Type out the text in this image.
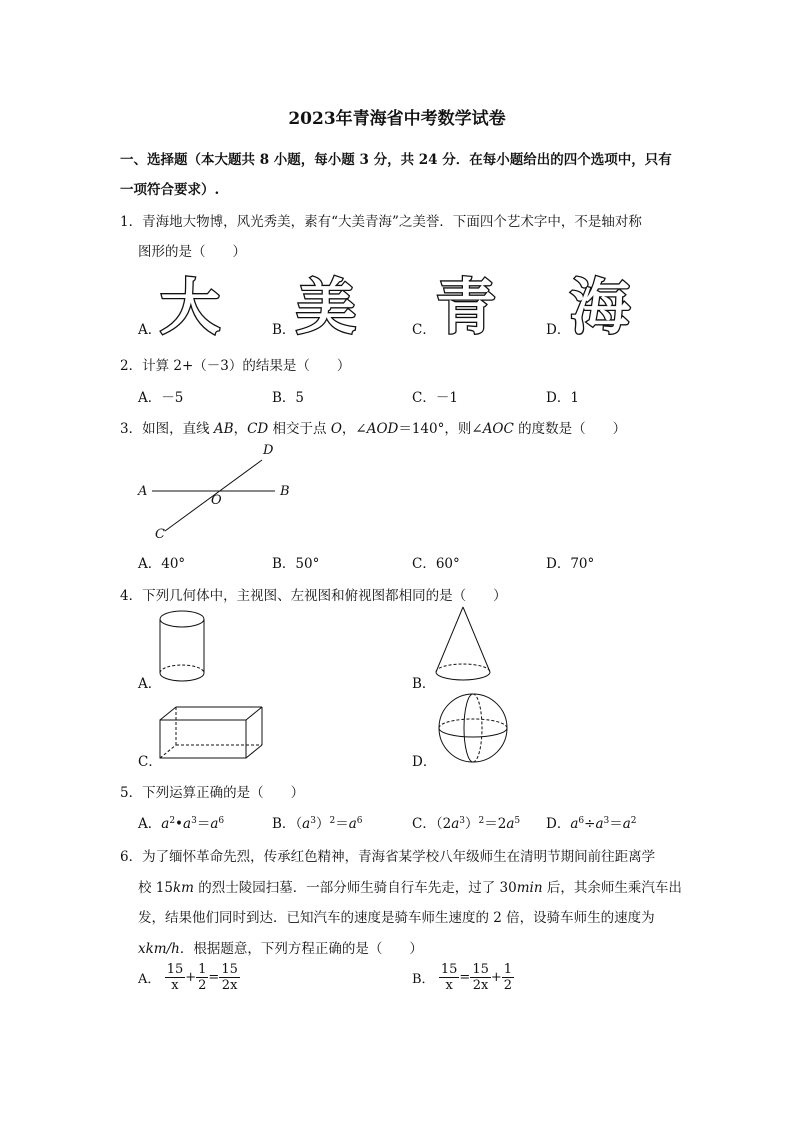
2023年青海省中考数学试卷
一、选择题（本大题共 8 小题，每小题 3 分，共 24 分．在每小题给出的四个选项中，只有
一项符合要求）.
1．青海地大物博，风光秀美，素有“大美青海”之美誉．下面四个艺术字中，不是轴对称
图形的是（　　）
A．
大	B． 美	C． 青	D． 海
2．计算 2+（－3）的结果是（　　）
A．－5	B．5	C．－1	D．1
3．如图，直线 AB，CD 相交于点 O，∠AOD＝140°，则∠AOC 的度数是（　　）
A	B
C
D
O
A．40°	B．50°	C．60°	D．70°
4．下列几何体中，主视图、左视图和俯视图都相同的是（　　）
A．	B．
C．	D．
5．下列运算正确的是（　　）
A．$a^2•a^3=a^6$	B．$(a^3)^2=a^6$	C．$(2a^3)^2=2a^5$ D．$a^6\div a^3=a^2$
6．为了缅怀革命先烈，传承红色精神，青海省某学校八年级师生在清明节期间前往距离学
校 15km 的烈士陵园扫墓．一部分师生骑自行车先走，过了 30min 后，其余师生乘汽车出
发，结果他们同时到达．已知汽车的速度是骑车师生速度的 2 倍，设骑车师生的速度为
xkm/h．根据题意，下列方程正确的是（　　）
A． $\frac{15}{x} + \frac{1}{2} = \frac{15}{2x}$	B． $\frac{15}{x} = \frac{15}{2x} + \frac{1}{2}$
